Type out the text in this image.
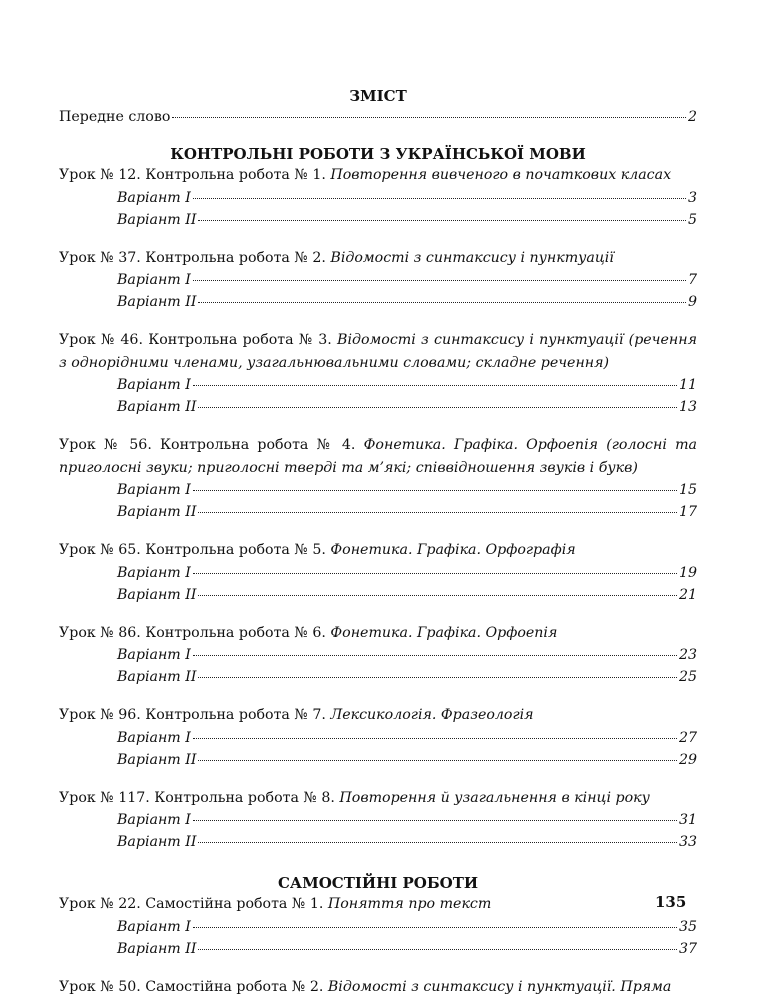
ЗМІСТ
Передне слово	2
КОНТРОЛЬНІ РОБОТИ З УКРАЇНСЬКОЇ МОВИ
Урок № 12. Контрольна робота № 1. Повторення вивченого в початкових класах
Варіант І	3
Варіант ІІ	5
Урок № 37. Контрольна робота № 2. Відомості з синтаксису і пунктуації
Варіант І	7
Варіант ІІ	9
Урок № 46. Контрольна робота № 3. Відомості з синтаксису і пунктуації (речення з однорідними членами, узагальнювальними словами; складне речення)
Варіант І	11
Варіант ІІ	13
Урок № 56. Контрольна робота № 4. Фонетика. Графіка. Орфоепія (голосні та приголосні звуки; приголосні тверді та м’які; співвідношення звуків і букв)
Варіант І	15
Варіант ІІ	17
Урок № 65. Контрольна робота № 5. Фонетика. Графіка. Орфографія
Варіант І	19
Варіант ІІ	21
Урок № 86. Контрольна робота № 6. Фонетика. Графіка. Орфоепія
Варіант І	23
Варіант ІІ	25
Урок № 96. Контрольна робота № 7. Лексикологія. Фразеологія
Варіант І	27
Варіант ІІ	29
Урок № 117. Контрольна робота № 8. Повторення й узагальнення в кінці року
Варіант І	31
Варіант ІІ	33
САМОСТІЙНІ РОБОТИ
Урок № 22. Самостійна робота № 1. Поняття про текст
Варіант І	35
Варіант ІІ	37
Урок № 50. Самостійна робота № 2. Відомості з синтаксису і пунктуації. Пряма
135
